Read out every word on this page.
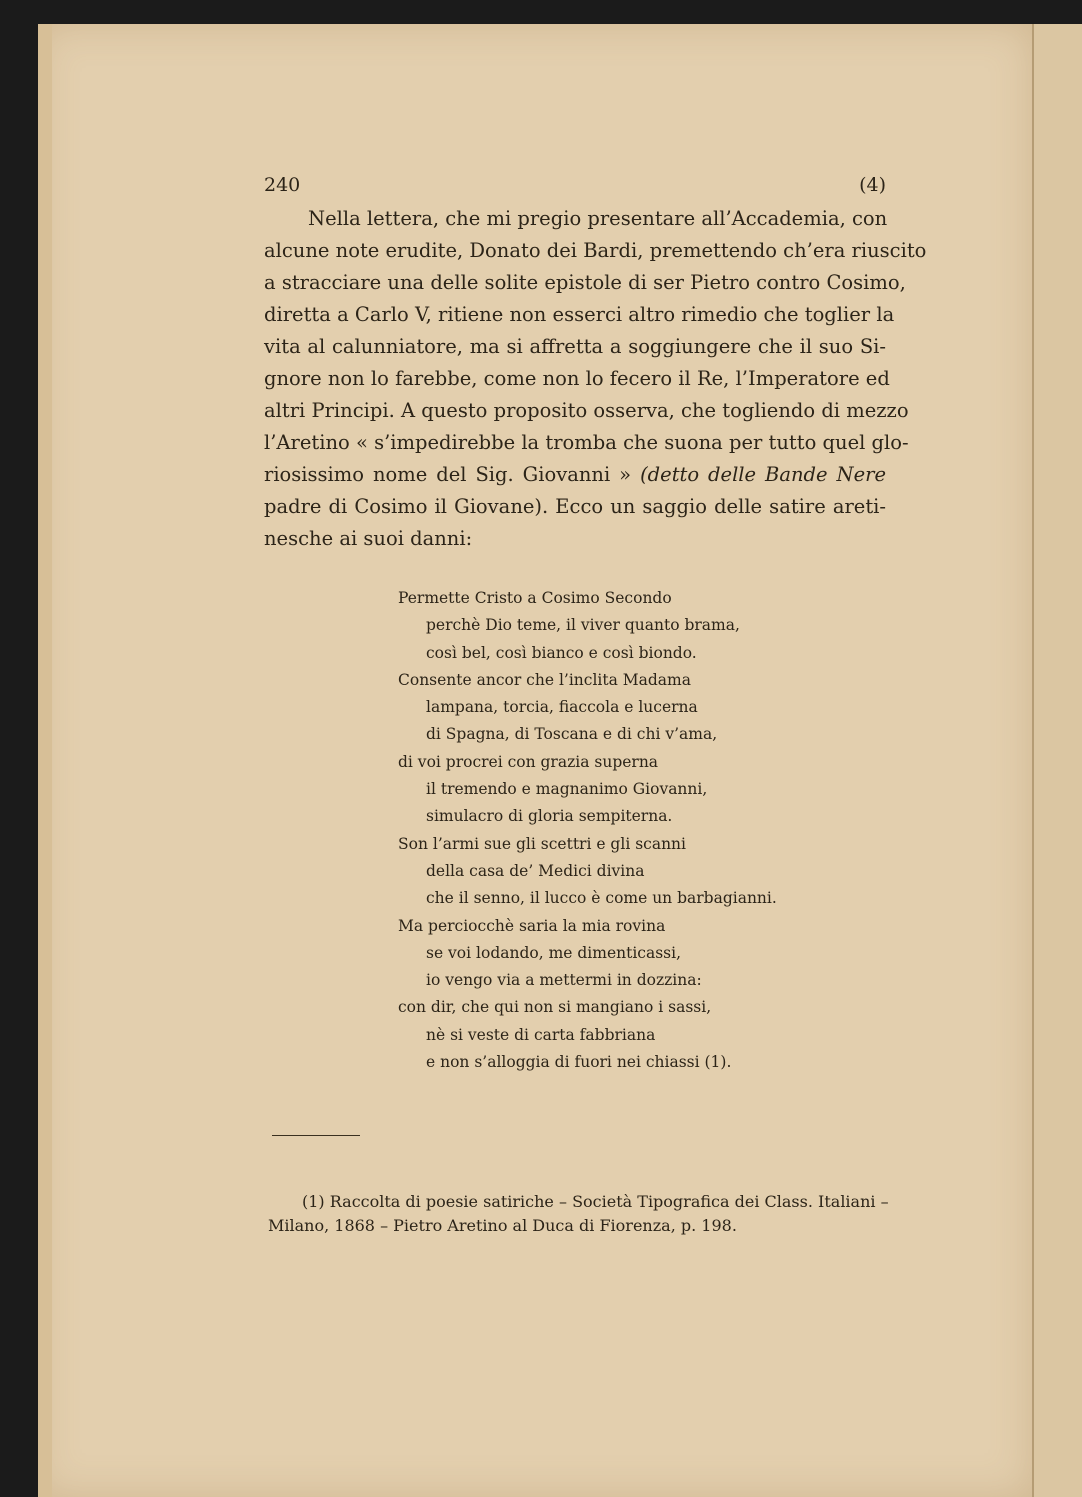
240	(4)
Nella lettera, che mi pregio presentare all’Accademia, con
alcune note erudite, Donato dei Bardi, premettendo ch’era riuscito
a stracciare una delle solite epistole di ser Pietro contro Cosimo,
diretta a Carlo V, ritiene non esserci altro rimedio che toglier la
vita al calunniatore, ma si affretta a soggiungere che il suo Si-
gnore non lo farebbe, come non lo fecero il Re, l’Imperatore ed
altri Principi. A questo proposito osserva, che togliendo di mezzo
l’Aretino « s’impedirebbe la tromba che suona per tutto quel glo-
riosissimo nome del Sig. Giovanni » (detto delle Bande Nere
padre di Cosimo il Giovane). Ecco un saggio delle satire areti-
nesche ai suoi danni:
Permette Cristo a Cosimo Secondo
perchè Dio teme, il viver quanto brama,
così bel, così bianco e così biondo.
Consente ancor che l’inclita Madama
lampana, torcia, fiaccola e lucerna
di Spagna, di Toscana e di chi v’ama,
di voi procrei con grazia superna
il tremendo e magnanimo Giovanni,
simulacro di gloria sempiterna.
Son l’armi sue gli scettri e gli scanni
della casa de’ Medici divina
che il senno, il lucco è come un barbagianni.
Ma perciocchè saria la mia rovina
se voi lodando, me dimenticassi,
io vengo via a mettermi in dozzina:
con dir, che qui non si mangiano i sassi,
nè si veste di carta fabbriana
e non s’alloggia di fuori nei chiassi (1).
(1) Raccolta di poesie satiriche – Società Tipografica dei Class. Italiani –
Milano, 1868 – Pietro Aretino al Duca di Fiorenza, p. 198.
